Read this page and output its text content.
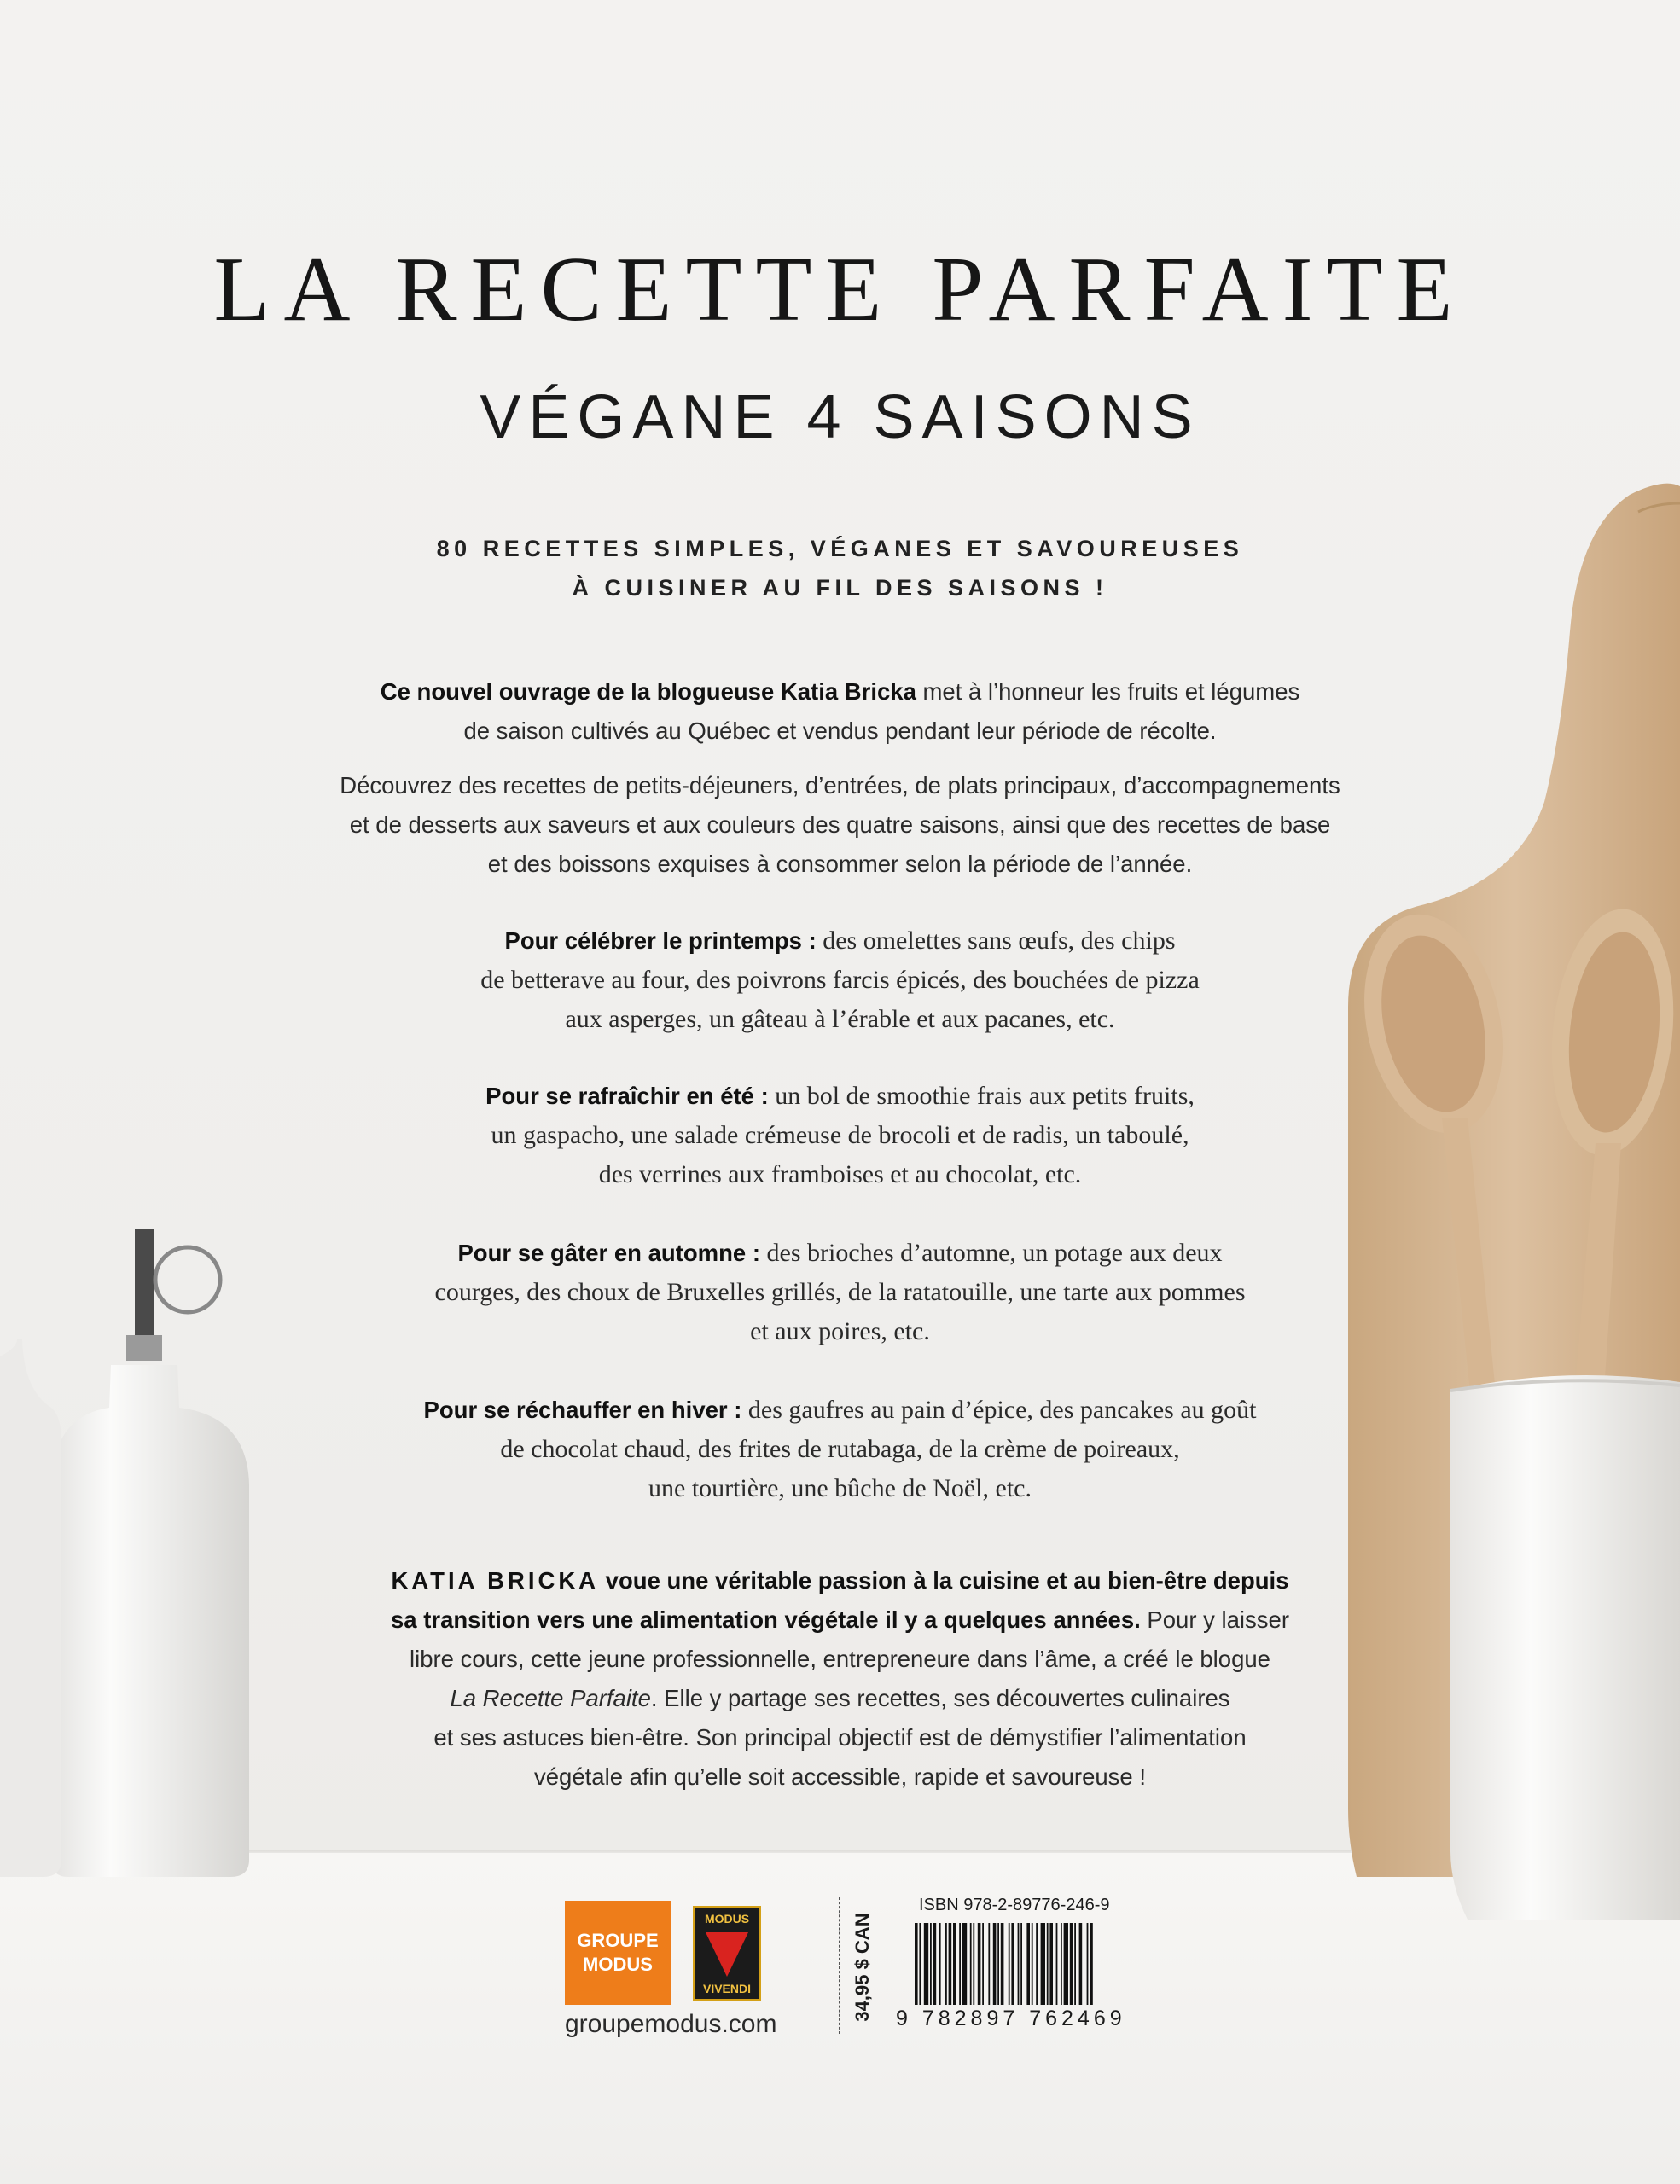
LA RECETTE PARFAITE
VÉGANE 4 SAISONS
80 RECETTES SIMPLES, VÉGANES ET SAVOUREUSES
À CUISINER AU FIL DES SAISONS !
Ce nouvel ouvrage de la blogueuse Katia Bricka met à l’honneur les fruits et légumes
de saison cultivés au Québec et vendus pendant leur période de récolte.
Découvrez des recettes de petits-déjeuners, d’entrées, de plats principaux, d’accompagnements
et de desserts aux saveurs et aux couleurs des quatre saisons, ainsi que des recettes de base
et des boissons exquises à consommer selon la période de l’année.
Pour célébrer le printemps : des omelettes sans œufs, des chips
de betterave au four, des poivrons farcis épicés, des bouchées de pizza
aux asperges, un gâteau à l’érable et aux pacanes, etc.
Pour se rafraîchir en été : un bol de smoothie frais aux petits fruits,
un gaspacho, une salade crémeuse de brocoli et de radis, un taboulé,
des verrines aux framboises et au chocolat, etc.
Pour se gâter en automne : des brioches d’automne, un potage aux deux
courges, des choux de Bruxelles grillés, de la ratatouille, une tarte aux pommes
et aux poires, etc.
Pour se réchauffer en hiver : des gaufres au pain d’épice, des pancakes au goût
de chocolat chaud, des frites de rutabaga, de la crème de poireaux,
une tourtière, une bûche de Noël, etc.
KATIA BRICKA voue une véritable passion à la cuisine et au bien-être depuis
sa transition vers une alimentation végétale il y a quelques années. Pour y laisser
libre cours, cette jeune professionnelle, entrepreneure dans l’âme, a créé le blogue
La Recette Parfaite. Elle y partage ses recettes, ses découvertes culinaires
et ses astuces bien-être. Son principal objectif est de démystifier l’alimentation
végétale afin qu’elle soit accessible, rapide et savoureuse !
GROUPE
MODUS
MODUS
VIVENDI
groupemodus.com
34,95 $ CAN
ISBN 978-2-89776-246-9
9 782897 762469
